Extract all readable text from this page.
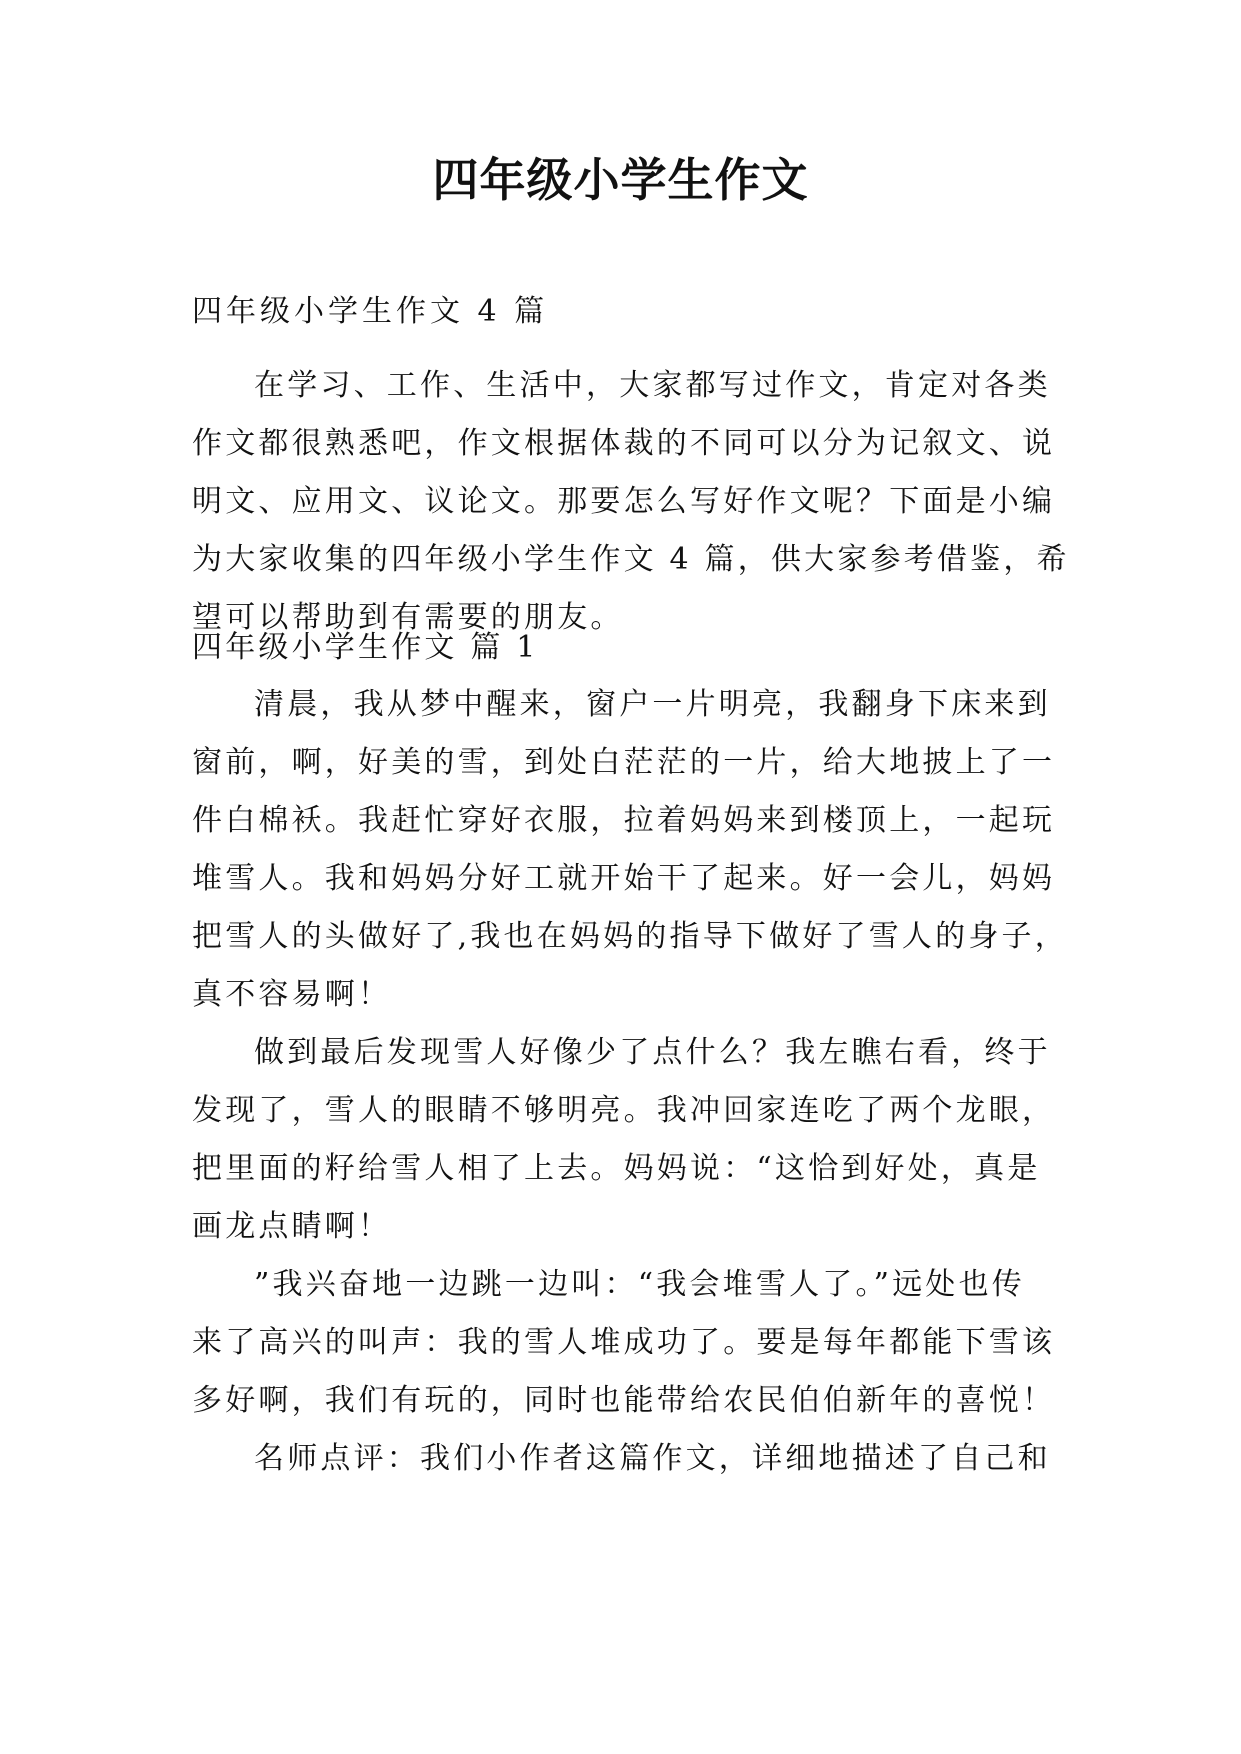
四年级小学生作文

四年级小学生作文 4 篇

在学习、工作、生活中，大家都写过作文，肯定对各类
作文都很熟悉吧，作文根据体裁的不同可以分为记叙文、说
明文、应用文、议论文。那要怎么写好作文呢？下面是小编
为大家收集的四年级小学生作文 4 篇，供大家参考借鉴，希
望可以帮助到有需要的朋友。
四年级小学生作文 篇 1
清晨，我从梦中醒来，窗户一片明亮，我翻身下床来到
窗前，啊，好美的雪，到处白茫茫的一片，给大地披上了一
件白棉袄。我赶忙穿好衣服，拉着妈妈来到楼顶上，一起玩
堆雪人。我和妈妈分好工就开始干了起来。好一会儿，妈妈
把雪人的头做好了,我也在妈妈的指导下做好了雪人的身子，
真不容易啊！
做到最后发现雪人好像少了点什么？我左瞧右看，终于
发现了，雪人的眼睛不够明亮。我冲回家连吃了两个龙眼，
把里面的籽给雪人相了上去。妈妈说：“这恰到好处，真是
画龙点睛啊！
”我兴奋地一边跳一边叫：“我会堆雪人了。”远处也传
来了高兴的叫声：我的雪人堆成功了。要是每年都能下雪该
多好啊，我们有玩的，同时也能带给农民伯伯新年的喜悦！
名师点评：我们小作者这篇作文，详细地描述了自己和
